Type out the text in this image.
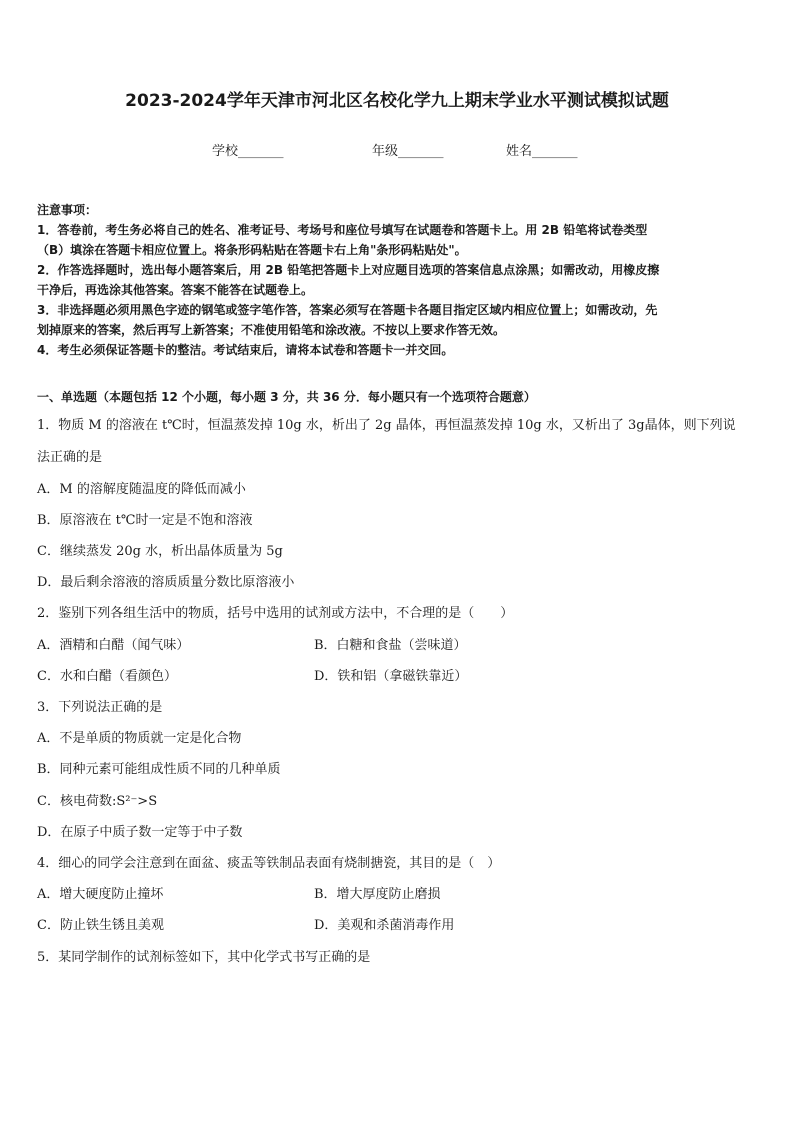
2023-2024学年天津市河北区名校化学九上期末学业水平测试模拟试题
学校_______	年级_______	姓名_______
注意事项：
1．答卷前，考生务必将自己的姓名、准考证号、考场号和座位号填写在试题卷和答题卡上。用 2B 铅笔将试卷类型
（B）填涂在答题卡相应位置上。将条形码粘贴在答题卡右上角"条形码粘贴处"。
2．作答选择题时，选出每小题答案后，用 2B 铅笔把答题卡上对应题目选项的答案信息点涂黑；如需改动，用橡皮擦
干净后，再选涂其他答案。答案不能答在试题卷上。
3．非选择题必须用黑色字迹的钢笔或签字笔作答，答案必须写在答题卡各题目指定区域内相应位置上；如需改动，先
划掉原来的答案，然后再写上新答案；不准使用铅笔和涂改液。不按以上要求作答无效。
4．考生必须保证答题卡的整洁。考试结束后，请将本试卷和答题卡一并交回。
一、单选题（本题包括 12 个小题，每小题 3 分，共 36 分．每小题只有一个选项符合题意）
1．物质 M 的溶液在 t℃时，恒温蒸发掉 10g 水，析出了 2g 晶体，再恒温蒸发掉 10g 水，又析出了 3g晶体，则下列说
法正确的是
A．M 的溶解度随温度的降低而减小
B．原溶液在 t℃时一定是不饱和溶液
C．继续蒸发 20g 水，析出晶体质量为 5g
D．最后剩余溶液的溶质质量分数比原溶液小
2．鉴别下列各组生活中的物质，括号中选用的试剂或方法中，不合理的是（　　）
A．酒精和白醋（闻气味）	B．白糖和食盐（尝味道）
C．水和白醋（看颜色）	D．铁和铝（拿磁铁靠近）
3．下列说法正确的是
A．不是单质的物质就一定是化合物
B．同种元素可能组成性质不同的几种单质
C．核电荷数:S²⁻>S
D．在原子中质子数一定等于中子数
4．细心的同学会注意到在面盆、痰盂等铁制品表面有烧制搪瓷，其目的是（　）
A．增大硬度防止撞坏	B．增大厚度防止磨损
C．防止铁生锈且美观	D．美观和杀菌消毒作用
5．某同学制作的试剂标签如下，其中化学式书写正确的是
